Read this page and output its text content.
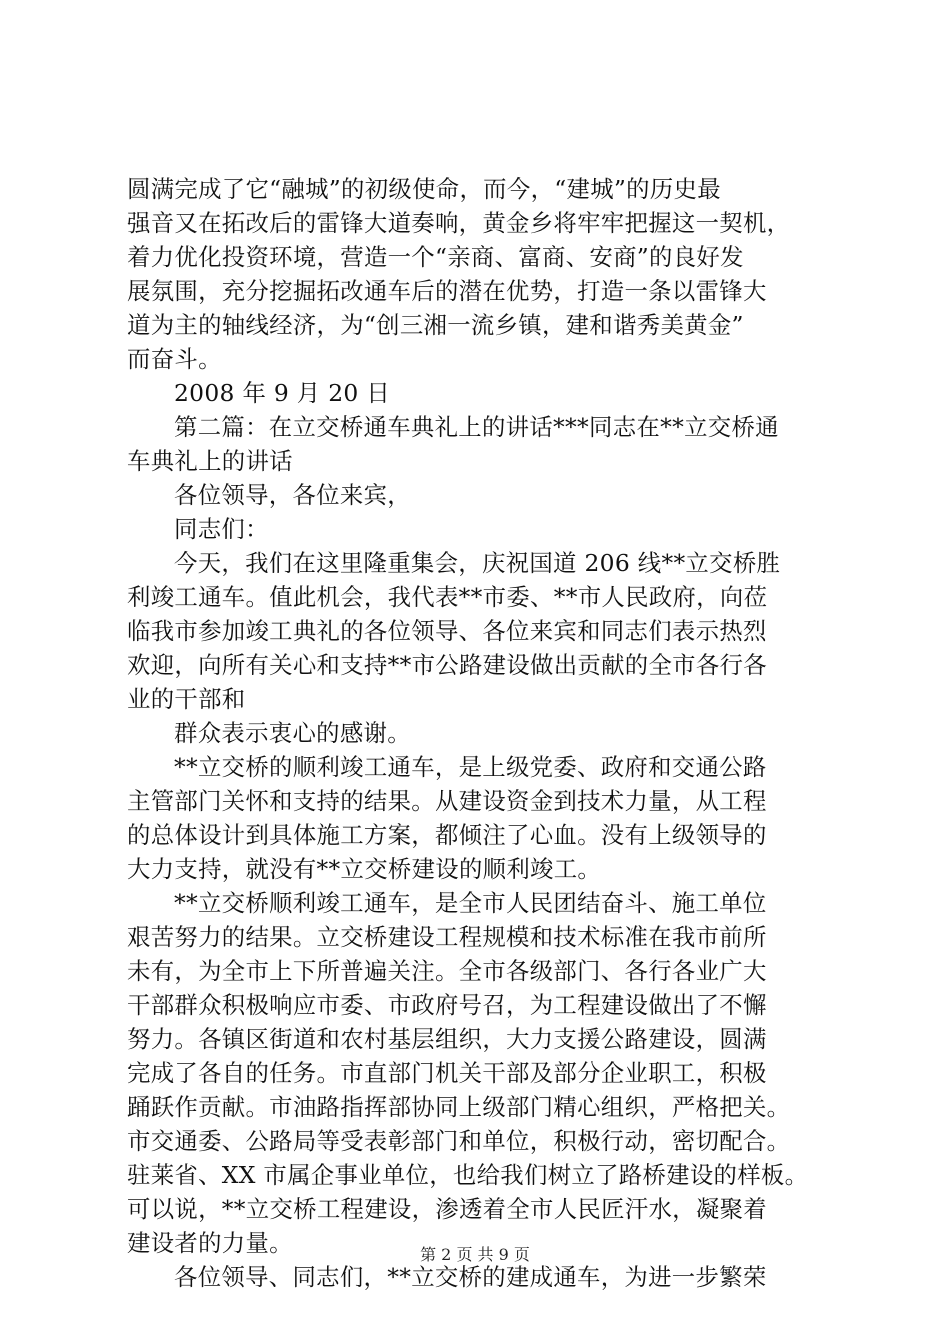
圆满完成了它“融城”的初级使命，而今，“建城”的历史最
强音又在拓改后的雷锋大道奏响，黄金乡将牢牢把握这一契机，
着力优化投资环境，营造一个“亲商、富商、安商”的良好发
展氛围，充分挖掘拓改通车后的潜在优势，打造一条以雷锋大
道为主的轴线经济，为“创三湘一流乡镇，建和谐秀美黄金”
而奋斗。
2008 年 9 月 20 日
第二篇：在立交桥通车典礼上的讲话***同志在**立交桥通
车典礼上的讲话
各位领导，各位来宾，
同志们：
今天，我们在这里隆重集会，庆祝国道 206 线**立交桥胜
利竣工通车。值此机会，我代表**市委、**市人民政府，向莅
临我市参加竣工典礼的各位领导、各位来宾和同志们表示热烈
欢迎，向所有关心和支持**市公路建设做出贡献的全市各行各
业的干部和
群众表示衷心的感谢。
**立交桥的顺利竣工通车，是上级党委、政府和交通公路
主管部门关怀和支持的结果。从建设资金到技术力量，从工程
的总体设计到具体施工方案，都倾注了心血。没有上级领导的
大力支持，就没有**立交桥建设的顺利竣工。
**立交桥顺利竣工通车，是全市人民团结奋斗、施工单位
艰苦努力的结果。立交桥建设工程规模和技术标准在我市前所
未有，为全市上下所普遍关注。全市各级部门、各行各业广大
干部群众积极响应市委、市政府号召，为工程建设做出了不懈
努力。各镇区街道和农村基层组织，大力支援公路建设，圆满
完成了各自的任务。市直部门机关干部及部分企业职工，积极
踊跃作贡献。市油路指挥部协同上级部门精心组织，严格把关。
市交通委、公路局等受表彰部门和单位，积极行动，密切配合。
驻莱省、XX 市属企事业单位，也给我们树立了路桥建设的样板。
可以说，**立交桥工程建设，渗透着全市人民匠汗水，凝聚着
建设者的力量。
各位领导、同志们，**立交桥的建成通车，为进一步繁荣
第 2 页 共 9 页
